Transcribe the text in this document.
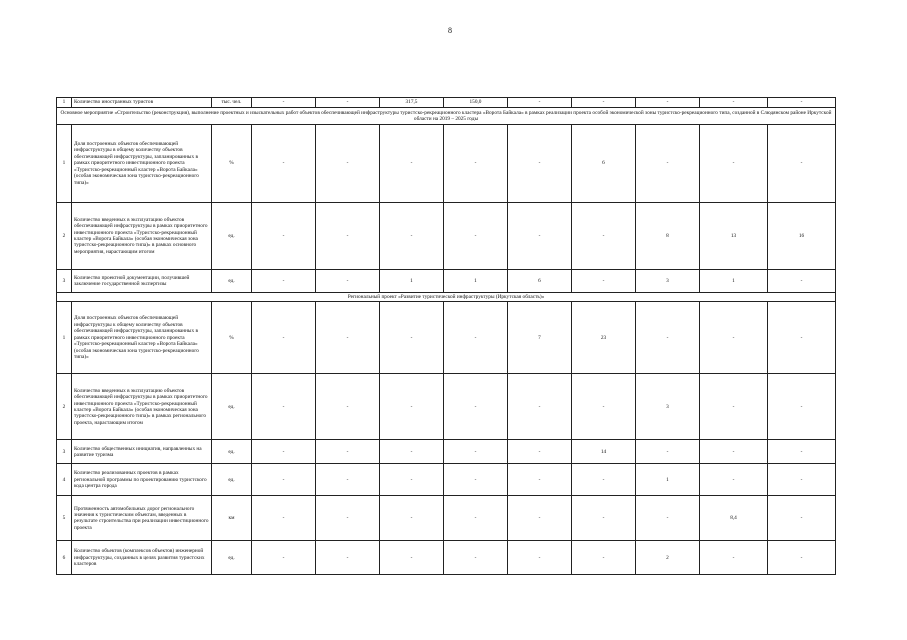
8
1	Количество иностранных туристов	тыс. чел.	-	-	317,5	150,0	-	-	-	-	-
Основное мероприятие «Строительство (реконструкция), выполнение проектных и изыскательных работ объектов обеспечивающей инфраструктуры туристско-рекреационного кластера «Ворота Байкала» в рамках реализации проекта особой экономической зоны туристско-рекреационного типа, созданной в Слюдянском районе Иркутской области на 2019 – 2025 годы											
1	Доля построенных объектов обеспечивающей инфраструктуры в общему количеству объектов обеспечивающей инфраструктуры, запланированных в рамках приоритетного инвестиционного проекта «Туристско-рекреационный кластер «Ворота Байкала» (особая экономическая зона туристско-рекреационного типа)»	%	-	-	-	-	-	6	-	-	-
2	Количество введенных в эксплуатацию объектов обеспечивающей инфраструктуры в рамках приоритетного инвестиционного проекта «Туристско-рекреационный кластер «Ворота Байкала» (особая экономическая зона туристско-рекреационного типа)» в рамках основного мероприятия, нарастающим итогом	ед.	-	-	-	-	-	-	8	13	16
3	Количество проектной документации, получившей заключение государственной экспертизы	ед.	-	-	1	1	6	-	3	1	-
Региональный проект «Развитие туристической инфраструктуры (Иркутская область)»											
1	Доля построенных объектов обеспечивающей инфраструктуры к общему количеству объектов обеспечивающей инфраструктуры, запланированных в рамках приоритетного инвестиционного проекта «Туристско-рекреационный кластер «Ворота Байкала» (особая экономическая зона туристско-рекреационного типа)»	%	-	-	-	-	7	23	-	-	-
2	Количество введенных в эксплуатацию объектов обеспечивающей инфраструктуры в рамках приоритетного инвестиционного проекта «Туристско-рекреационный кластер «Ворота Байкала» (особая экономическая зона туристско-рекреационного типа)» в рамках регионального проекта, нарастающим итогом	ед.	-	-	-	-	-	-	3	-	-
3	Количество общественных инициатив, направленных на развитие туризма	ед.	-	-	-	-	-	14	-	-	-
4	Количество реализованных проектов в рамках региональной программы по проектированию туристского кода центра города	ед.	-	-	-	-	-	-	1	-	-
5	Протяженность автомобильных дорог регионального значения к туристическим объектам, введенных в результате строительства при реализации инвестиционного проекта	км	-	-	-	-	-	-	-	8,4	-
6	Количество объектов (комплексов объектов) инженерной инфраструктуры, созданных в целях развития туристских кластеров	ед.	-	-	-	-	-	-	2	-	-
